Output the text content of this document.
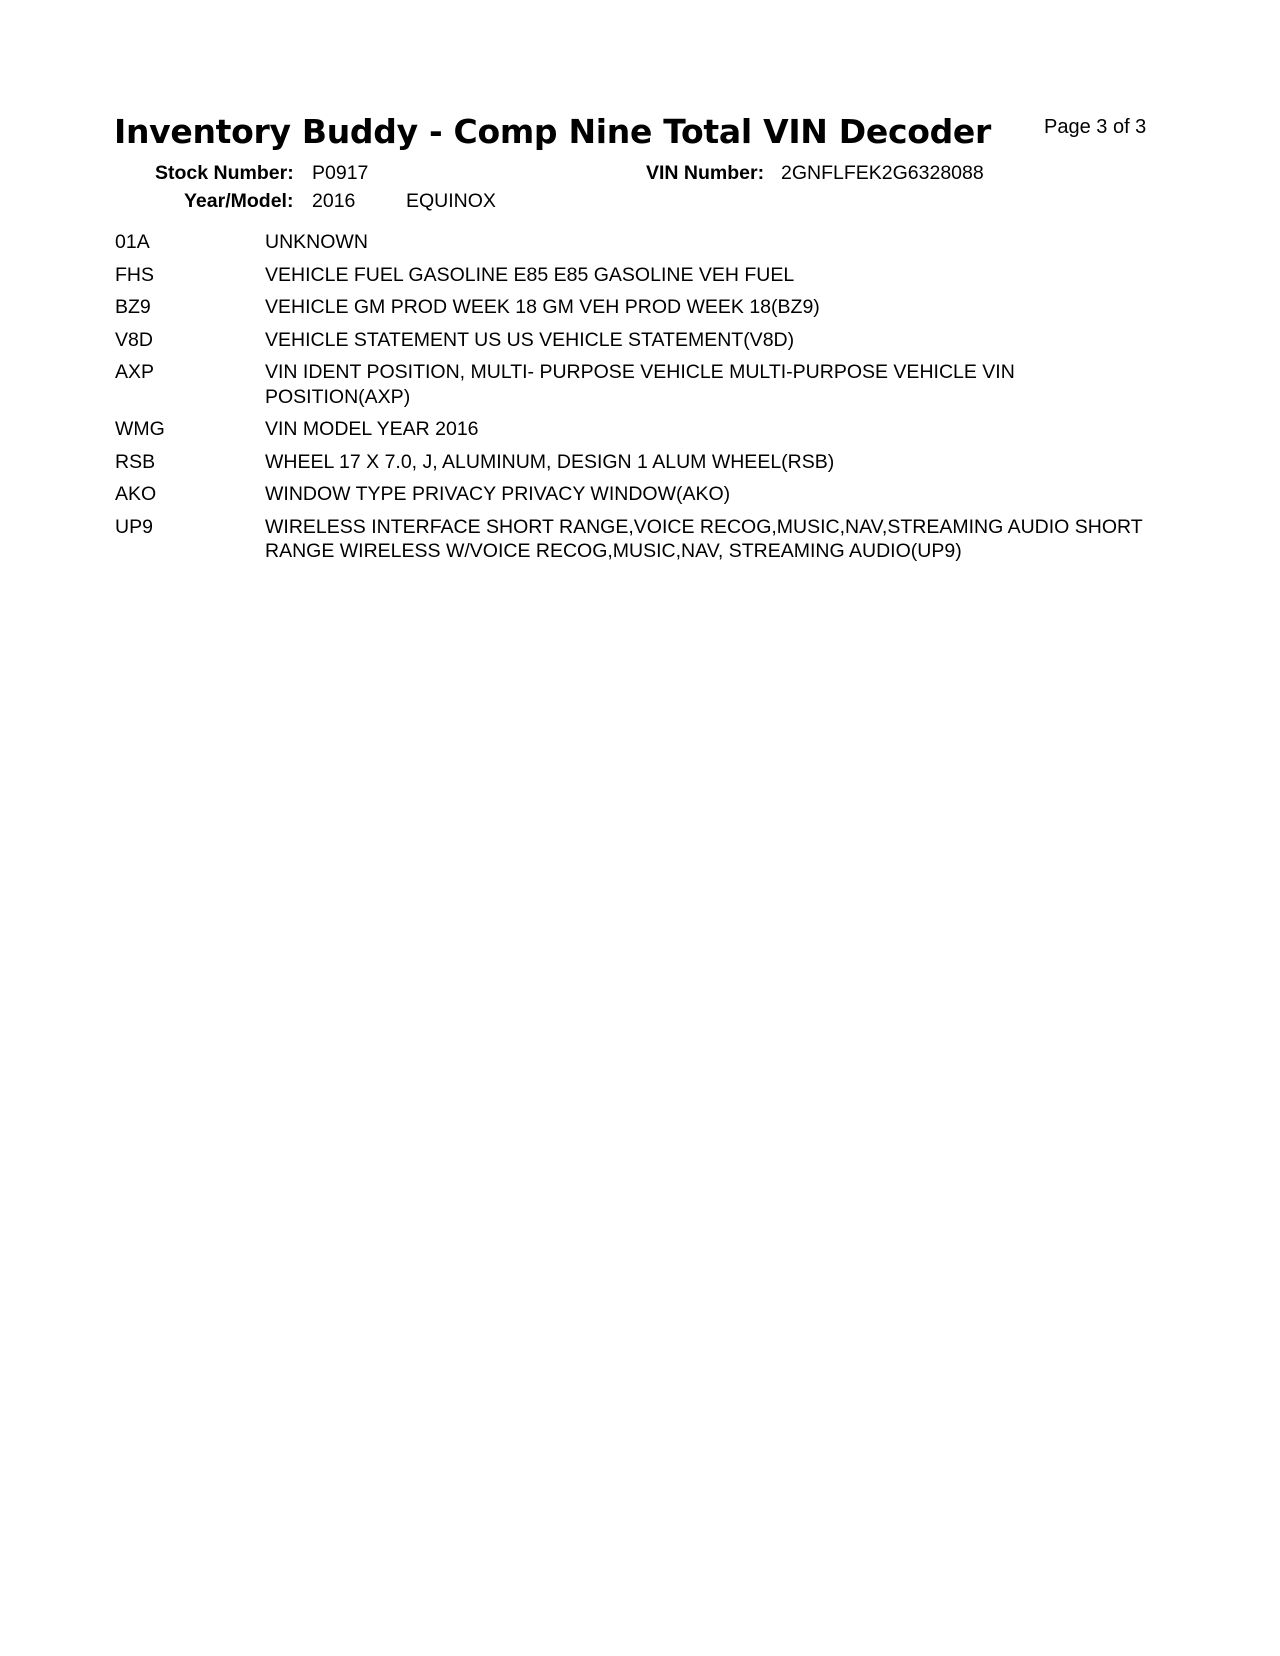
Inventory Buddy - Comp Nine Total VIN Decoder	Page 3 of 3
Stock Number: P0917	VIN Number: 2GNFLFEK2G6328088
Year/Model: 2016	EQUINOX
01A	UNKNOWN
FHS	VEHICLE FUEL GASOLINE E85 E85 GASOLINE VEH FUEL
BZ9	VEHICLE GM PROD WEEK 18 GM VEH PROD WEEK 18(BZ9)
V8D	VEHICLE STATEMENT US US VEHICLE STATEMENT(V8D)
AXP	VIN IDENT POSITION, MULTI- PURPOSE VEHICLE MULTI-PURPOSE VEHICLE VIN POSITION(AXP)
WMG	VIN MODEL YEAR 2016
RSB	WHEEL 17 X 7.0, J, ALUMINUM, DESIGN 1 ALUM WHEEL(RSB)
AKO	WINDOW TYPE PRIVACY PRIVACY WINDOW(AKO)
UP9	WIRELESS INTERFACE SHORT RANGE,VOICE RECOG,MUSIC,NAV,STREAMING AUDIO SHORT RANGE WIRELESS W/VOICE RECOG,MUSIC,NAV, STREAMING AUDIO(UP9)
